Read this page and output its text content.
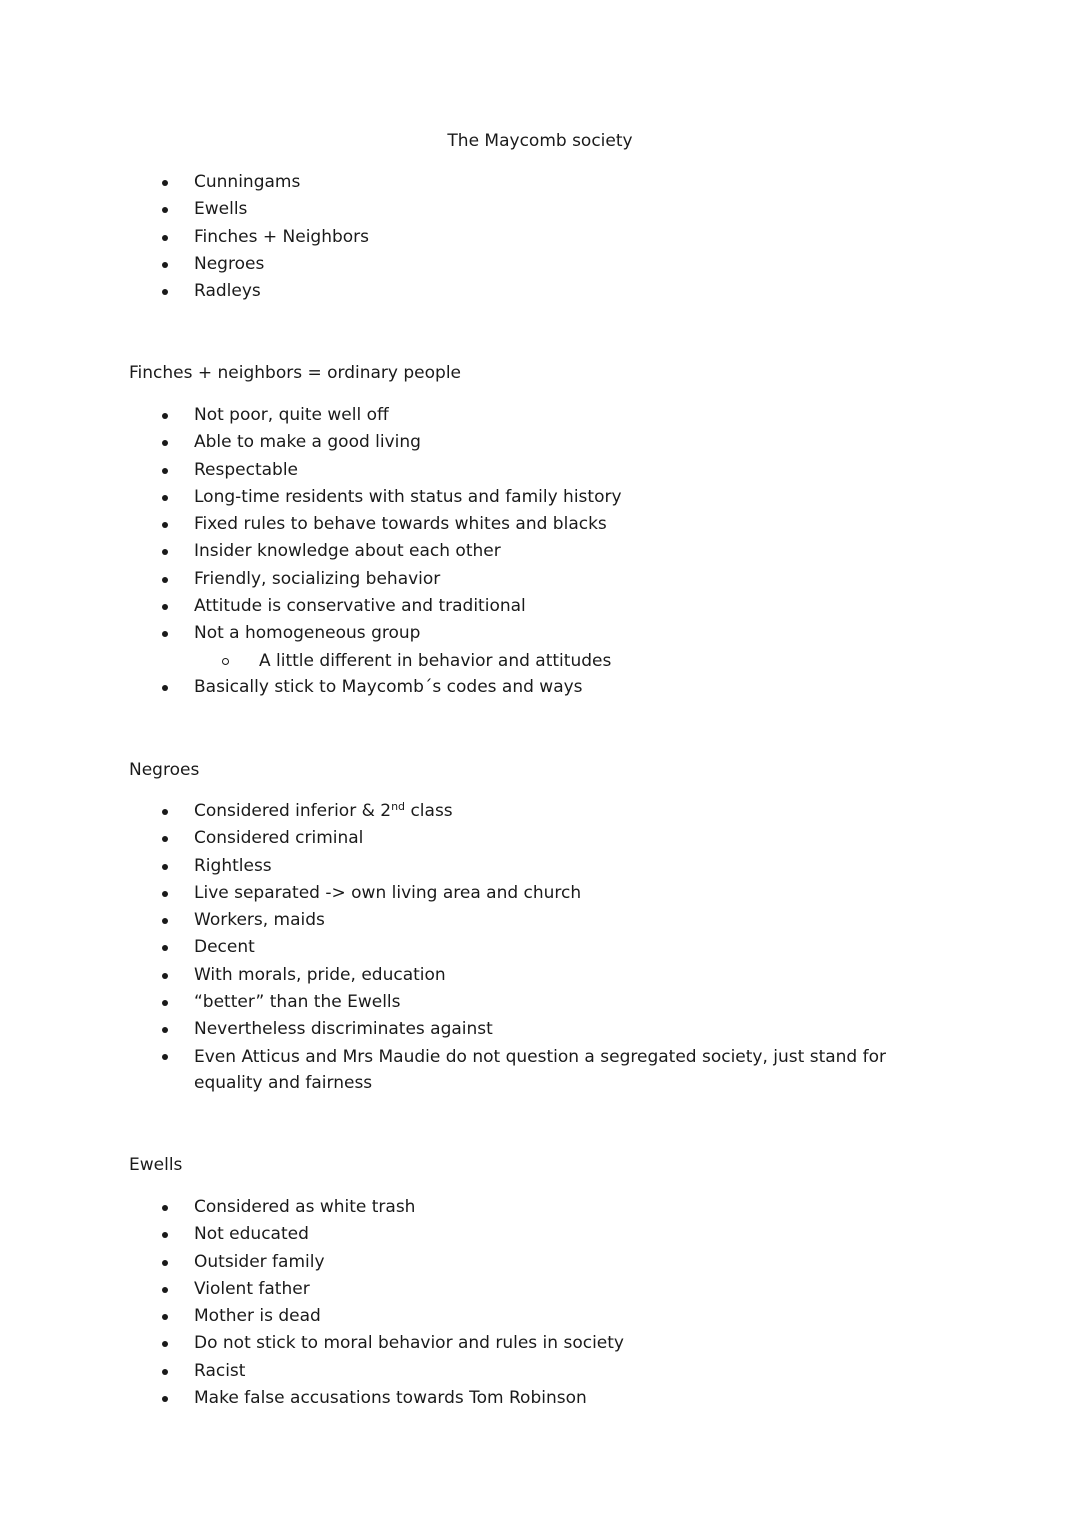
The Maycomb society
Cunningams
Ewells
Finches + Neighbors
Negroes
Radleys
Finches + neighbors = ordinary people
Not poor, quite well off
Able to make a good living
Respectable
Long-time residents with status and family history
Fixed rules to behave towards whites and blacks
Insider knowledge about each other
Friendly, socializing behavior
Attitude is conservative and traditional
Not a homogeneous group
A little different in behavior and attitudes
Basically stick to Maycomb´s codes and ways
Negroes
Considered inferior & 2nd class
Considered criminal
Rightless
Live separated -> own living area and church
Workers, maids
Decent
With morals, pride, education
“better” than the Ewells
Nevertheless discriminates against
Even Atticus and Mrs Maudie do not question a segregated society, just stand for equality and fairness
Ewells
Considered as white trash
Not educated
Outsider family
Violent father
Mother is dead
Do not stick to moral behavior and rules in society
Racist
Make false accusations towards Tom Robinson
